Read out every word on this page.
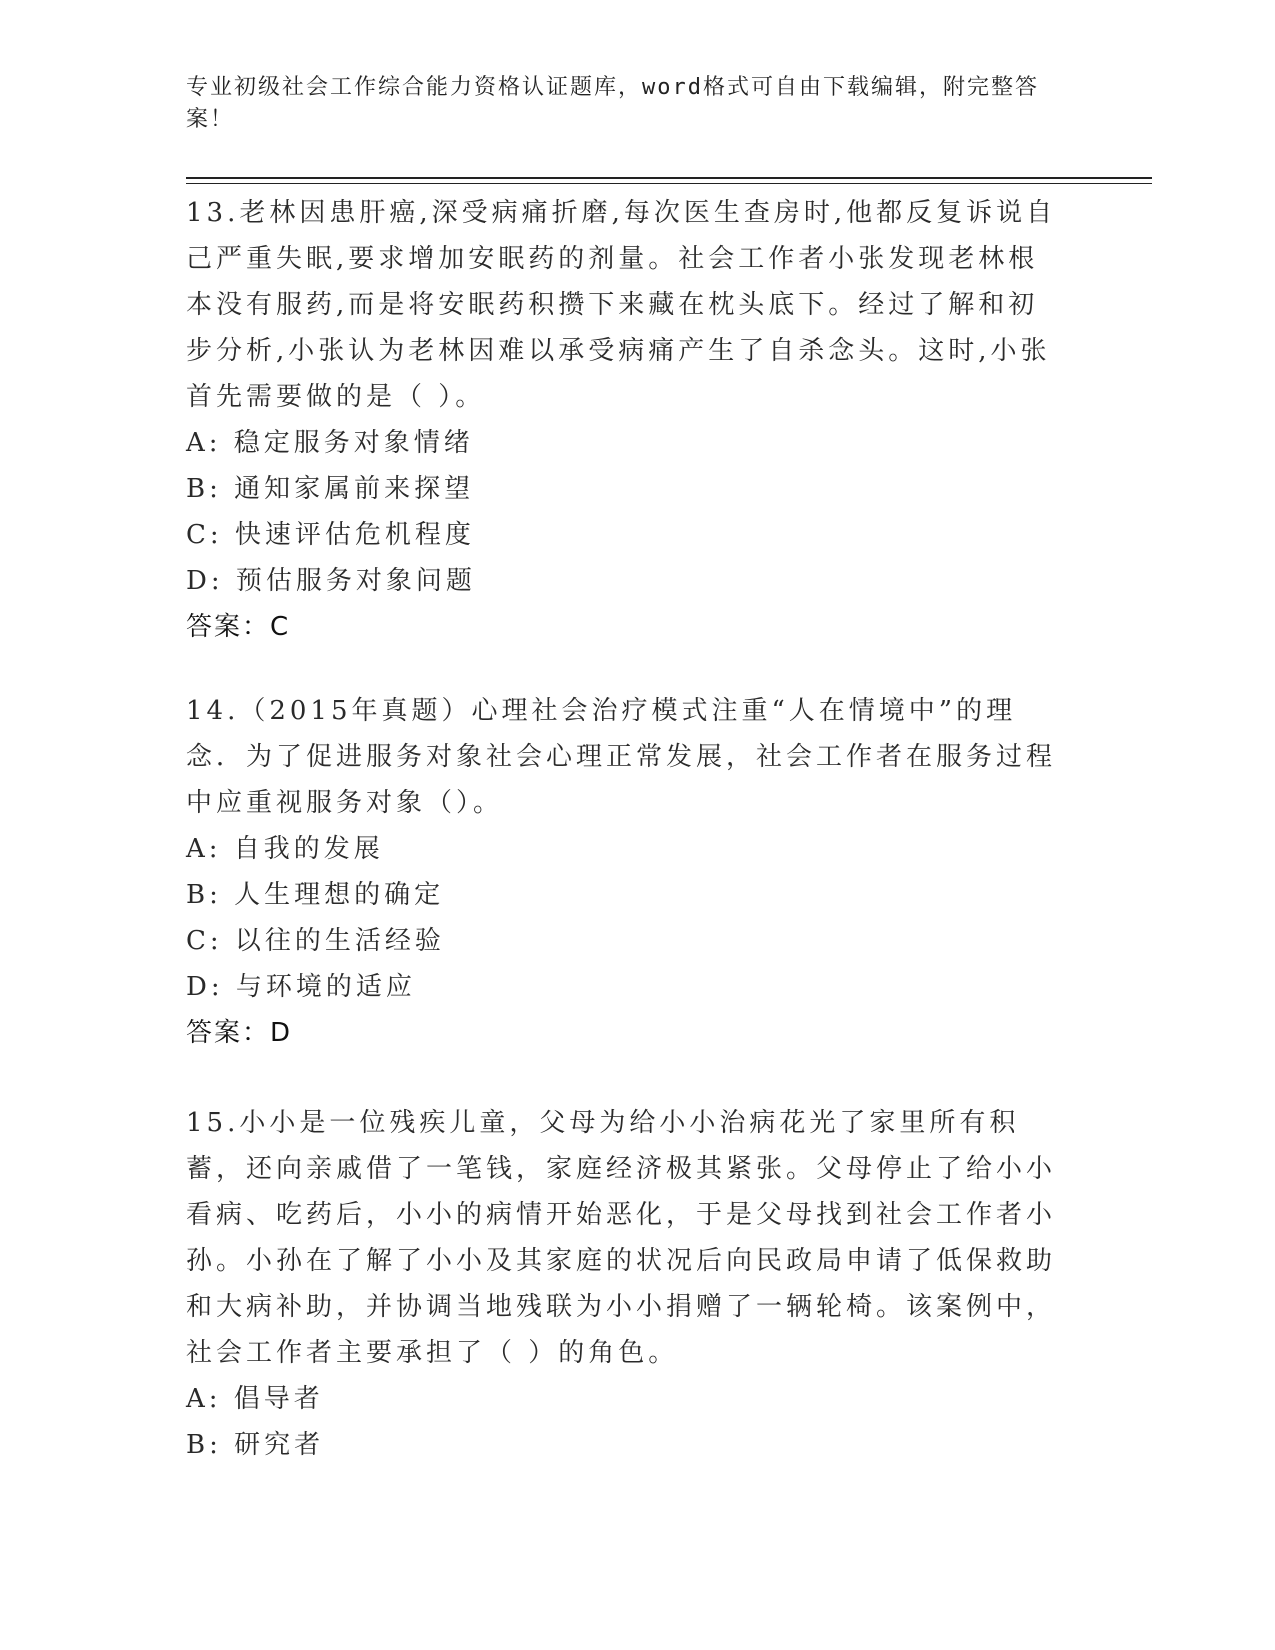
专业初级社会工作综合能力资格认证题库，word格式可自由下载编辑，附完整答案！

13.老林因患肝癌,深受病痛折磨,每次医生查房时,他都反复诉说自己严重失眠,要求增加安眠药的剂量。社会工作者小张发现老林根本没有服药,而是将安眠药积攒下来藏在枕头底下。经过了解和初步分析,小张认为老林因难以承受病痛产生了自杀念头。这时,小张首先需要做的是（ ）。

A: 稳定服务对象情绪

B: 通知家属前来探望

C: 快速评估危机程度

D: 预估服务对象问题

答案：C

14.（2015年真题）心理社会治疗模式注重“人在情境中”的理念．为了促进服务对象社会心理正常发展，社会工作者在服务过程中应重视服务对象（）。

A: 自我的发展

B: 人生理想的确定

C: 以往的生活经验

D: 与环境的适应

答案：D

15.小小是一位残疾儿童，父母为给小小治病花光了家里所有积蓄，还向亲戚借了一笔钱，家庭经济极其紧张。父母停止了给小小看病、吃药后，小小的病情开始恶化，于是父母找到社会工作者小孙。小孙在了解了小小及其家庭的状况后向民政局申请了低保救助和大病补助，并协调当地残联为小小捐赠了一辆轮椅。该案例中，社会工作者主要承担了（ ）的角色。

A: 倡导者

B: 研究者
